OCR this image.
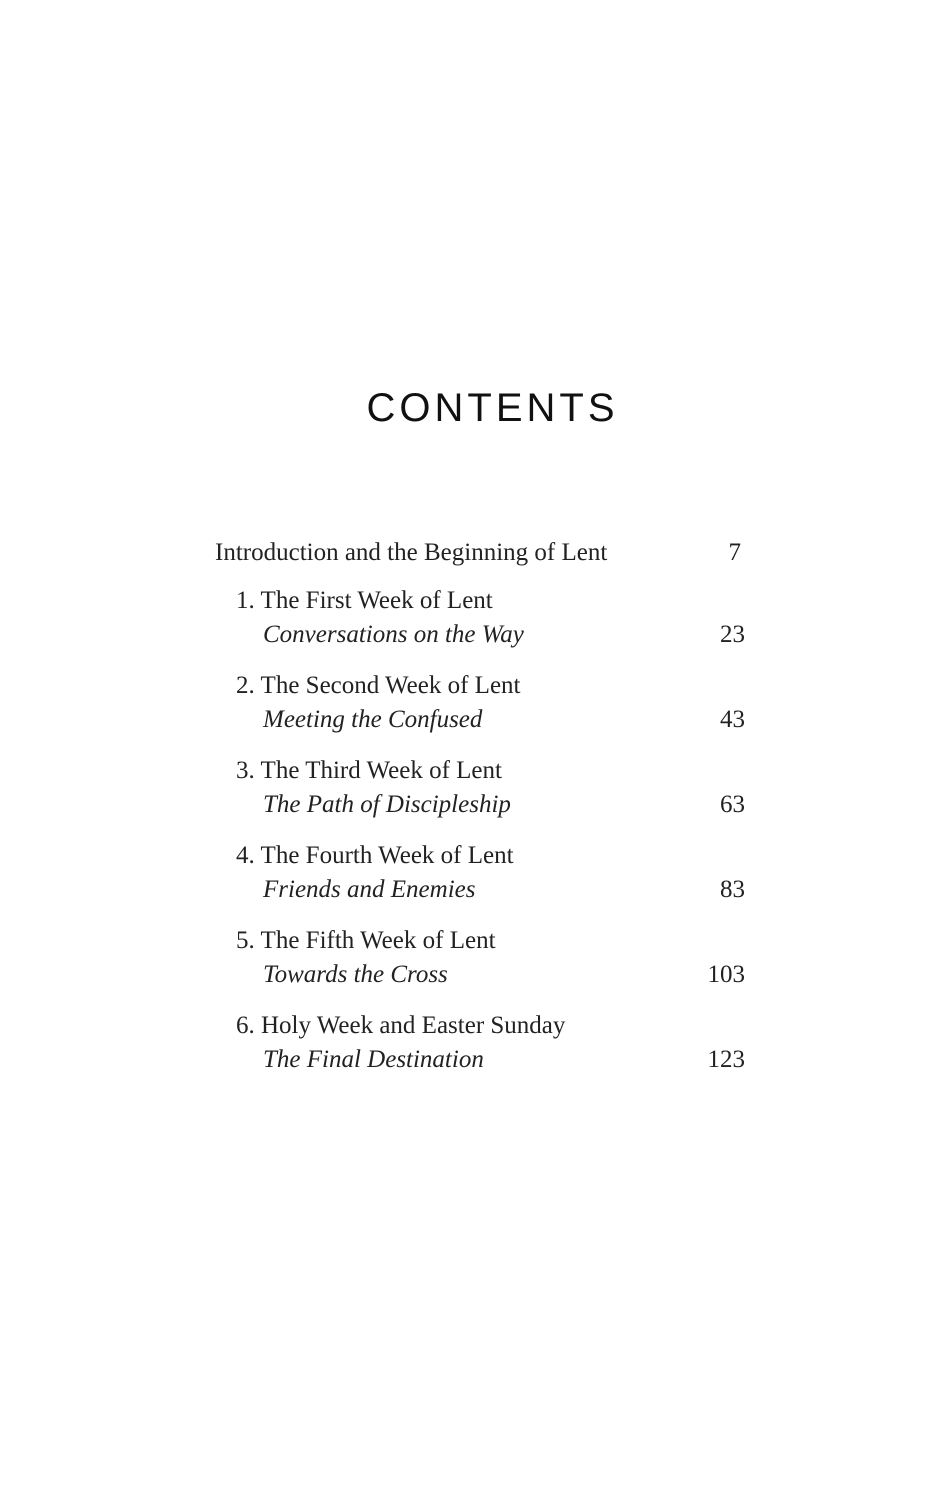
CONTENTS
Introduction and the Beginning of Lent	7
1. The First Week of Lent
Conversations on the Way	23
2. The Second Week of Lent
Meeting the Confused	43
3. The Third Week of Lent
The Path of Discipleship	63
4. The Fourth Week of Lent
Friends and Enemies	83
5. The Fifth Week of Lent
Towards the Cross	103
6. Holy Week and Easter Sunday
The Final Destination	123
